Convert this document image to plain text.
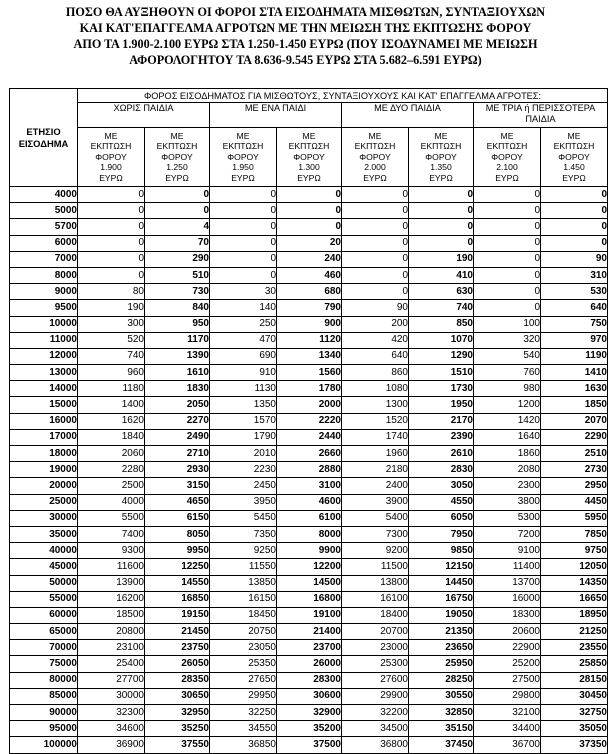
ΠΟΣΟ ΘΑ ΑΥΞΗΘΟΥΝ ΟΙ ΦΟΡΟΙ ΣΤΑ ΕΙΣΟΔΗΜΑΤΑ ΜΙΣΘΩΤΩΝ, ΣΥΝΤΑΞΙΟΥΧΩΝ
ΚΑΙ ΚΑΤ'ΕΠΑΓΓΕΛΜΑ ΑΓΡΟΤΩΝ ΜΕ ΤΗΝ ΜΕΙΩΣΗ ΤΗΣ ΕΚΠΤΩΣΗΣ ΦΟΡΟΥ
ΑΠΟ ΤΑ 1.900-2.100 ΕΥΡΩ ΣΤΑ 1.250-1.450 ΕΥΡΩ (ΠΟΥ ΙΣΟΔΥΝΑΜΕΙ ΜΕ ΜΕΙΩΣΗ
ΑΦΟΡΟΛΟΓΗΤΟΥ ΤΑ 8.636-9.545 ΕΥΡΩ ΣΤΑ 5.682–6.591 ΕΥΡΩ)
ΕΤΗΣΙΟ ΕΙΣΟΔΗΜΑ	ΦΟΡΟΣ ΕΙΣΟΔΗΜΑΤΟΣ ΓΙΑ ΜΙΣΘΩΤΟΥΣ, ΣΥΝΤΑΞΙΟΥΧΟΥΣ ΚΑΙ ΚΑΤ' ΕΠΑΓΓΕΛΜΑ ΑΓΡΟΤΕΣ:							
	ΧΩΡΙΣ ΠΑΙΔΙΑ		ΜΕ ΕΝΑ ΠΑΙΔΙ		ΜΕ ΔΥΟ ΠΑΙΔΙΑ		ΜΕ ΤΡΙΑ ή ΠΕΡΙΣΣΟΤΕΡΑ ΠΑΙΔΙΑ	

	ΜΕ
ΕΚΠΤΩΣΗ
ΦΟΡΟΥ
1.900
ΕΥΡΩ	ΜΕ
ΕΚΠΤΩΣΗ
ΦΟΡΟΥ
1.250
ΕΥΡΩ	ΜΕ
ΕΚΠΤΩΣΗ
ΦΟΡΟΥ
1.950
ΕΥΡΩ	ΜΕ
ΕΚΠΤΩΣΗ
ΦΟΡΟΥ
1.300
ΕΥΡΩ	ΜΕ
ΕΚΠΤΩΣΗ
ΦΟΡΟΥ
2.000
ΕΥΡΩ	ΜΕ
ΕΚΠΤΩΣΗ
ΦΟΡΟΥ
1.350
ΕΥΡΩ	ΜΕ
ΕΚΠΤΩΣΗ
ΦΟΡΟΥ
2.100
ΕΥΡΩ	ΜΕ
ΕΚΠΤΩΣΗ
ΦΟΡΟΥ
1.450
ΕΥΡΩ

4000	0	0	0	0	0	0	0	0
5000	0	0	0	0	0	0	0	0
5700	0	4	0	0	0	0	0	0
6000	0	70	0	20	0	0	0	0
7000	0	290	0	240	0	190	0	90
8000	0	510	0	460	0	410	0	310
9000	80	730	30	680	0	630	0	530
9500	190	840	140	790	90	740	0	640
10000	300	950	250	900	200	850	100	750
11000	520	1170	470	1120	420	1070	320	970
12000	740	1390	690	1340	640	1290	540	1190
13000	960	1610	910	1560	860	1510	760	1410
14000	1180	1830	1130	1780	1080	1730	980	1630
15000	1400	2050	1350	2000	1300	1950	1200	1850
16000	1620	2270	1570	2220	1520	2170	1420	2070
17000	1840	2490	1790	2440	1740	2390	1640	2290
18000	2060	2710	2010	2660	1960	2610	1860	2510
19000	2280	2930	2230	2880	2180	2830	2080	2730
20000	2500	3150	2450	3100	2400	3050	2300	2950
25000	4000	4650	3950	4600	3900	4550	3800	4450
30000	5500	6150	5450	6100	5400	6050	5300	5950
35000	7400	8050	7350	8000	7300	7950	7200	7850
40000	9300	9950	9250	9900	9200	9850	9100	9750
45000	11600	12250	11550	12200	11500	12150	11400	12050
50000	13900	14550	13850	14500	13800	14450	13700	14350
55000	16200	16850	16150	16800	16100	16750	16000	16650
60000	18500	19150	18450	19100	18400	19050	18300	18950
65000	20800	21450	20750	21400	20700	21350	20600	21250
70000	23100	23750	23050	23700	23000	23650	22900	23550
75000	25400	26050	25350	26000	25300	25950	25200	25850
80000	27700	28350	27650	28300	27600	28250	27500	28150
85000	30000	30650	29950	30600	29900	30550	29800	30450
90000	32300	32950	32250	32900	32200	32850	32100	32750
95000	34600	35250	34550	35200	34500	35150	34400	35050
100000	36900	37550	36850	37500	36800	37450	36700	37350
